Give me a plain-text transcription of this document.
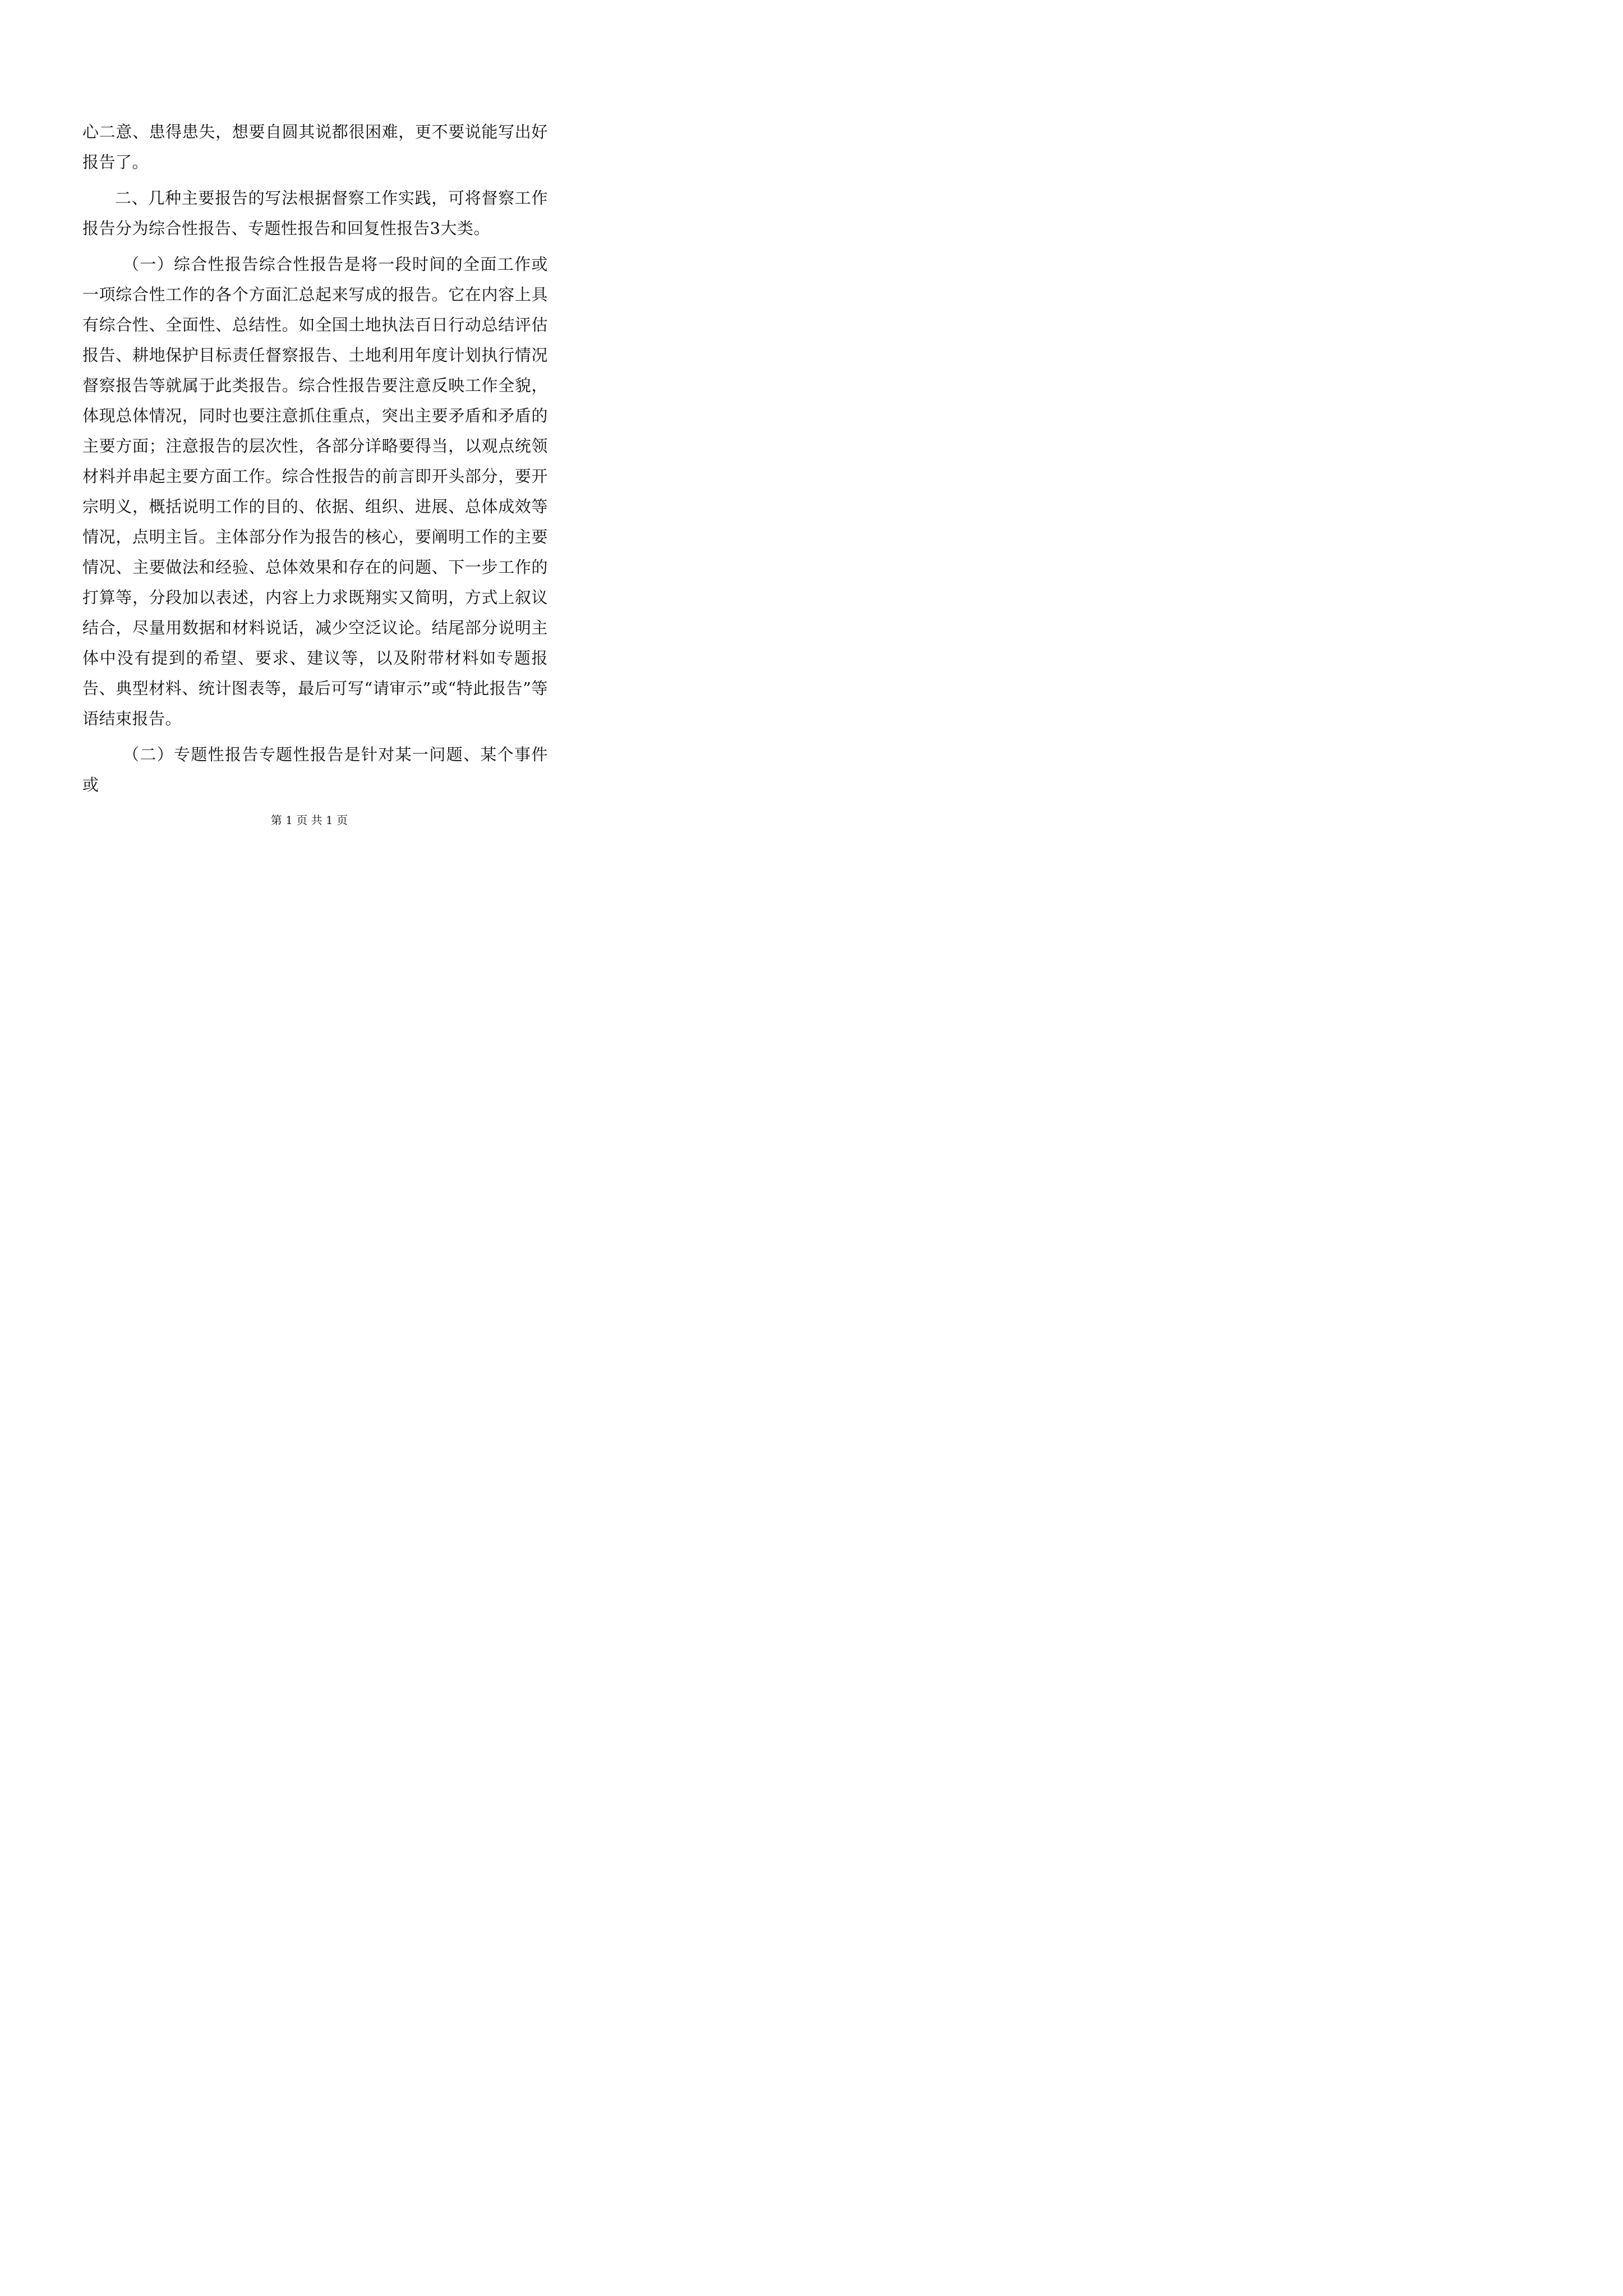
心二意、患得患失，想要自圆其说都很困难，更不要说能写出好报告了。

二、几种主要报告的写法根据督察工作实践，可将督察工作报告分为综合性报告、专题性报告和回复性报告3大类。

（一）综合性报告综合性报告是将一段时间的全面工作或一项综合性工作的各个方面汇总起来写成的报告。它在内容上具有综合性、全面性、总结性。如全国土地执法百日行动总结评估报告、耕地保护目标责任督察报告、土地利用年度计划执行情况督察报告等就属于此类报告。综合性报告要注意反映工作全貌，体现总体情况，同时也要注意抓住重点，突出主要矛盾和矛盾的主要方面；注意报告的层次性，各部分详略要得当，以观点统领材料并串起主要方面工作。综合性报告的前言即开头部分，要开宗明义，概括说明工作的目的、依据、组织、进展、总体成效等情况，点明主旨。主体部分作为报告的核心，要阐明工作的主要情况、主要做法和经验、总体效果和存在的问题、下一步工作的打算等，分段加以表述，内容上力求既翔实又简明，方式上叙议结合，尽量用数据和材料说话，减少空泛议论。结尾部分说明主体中没有提到的希望、要求、建议等，以及附带材料如专题报告、典型材料、统计图表等，最后可写“请审示”或“特此报告”等语结束报告。

（二）专题性报告专题性报告是针对某一问题、某个事件或

第 1 页 共 1 页
